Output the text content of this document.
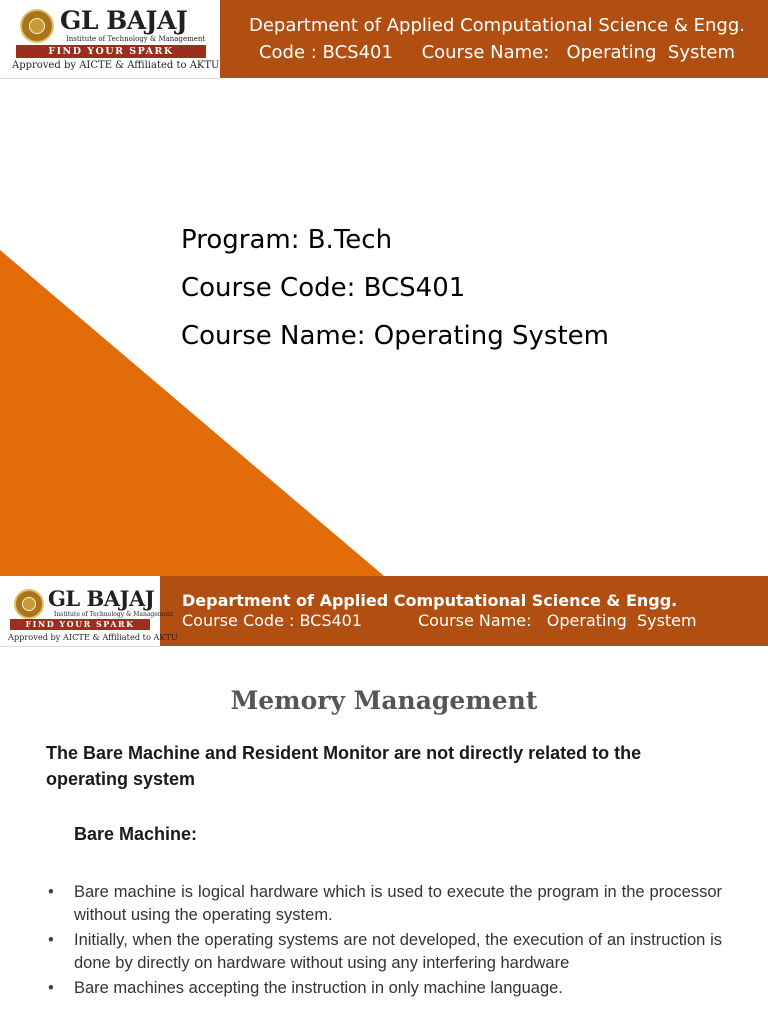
GL BAJAJ
Institute of Technology & Management
FIND YOUR SPARK
Approved by AICTE & Affiliated to AKTU
Department of Applied Computational Science & Engg.
Code : BCS401
Course Name:   Operating  System
Program: B.Tech
Course Code: BCS401
Course Name: Operating System
GL BAJAJ
Institute of Technology & Management
FIND YOUR SPARK
Approved by AICTE & Affiliated to AKTU
Department of Applied Computational Science & Engg.
Course Code : BCS401
	Course Name:   Operating  System
Memory Management
The Bare Machine and Resident Monitor are not directly related to the operating system
Bare Machine:
• Bare machine is logical hardware which is used to execute the program in the processor without using the operating system.
• Initially, when the operating systems are not developed, the execution of an instruction is done by directly on hardware without using any interfering hardware
• Bare machines accepting the instruction in only machine language.
